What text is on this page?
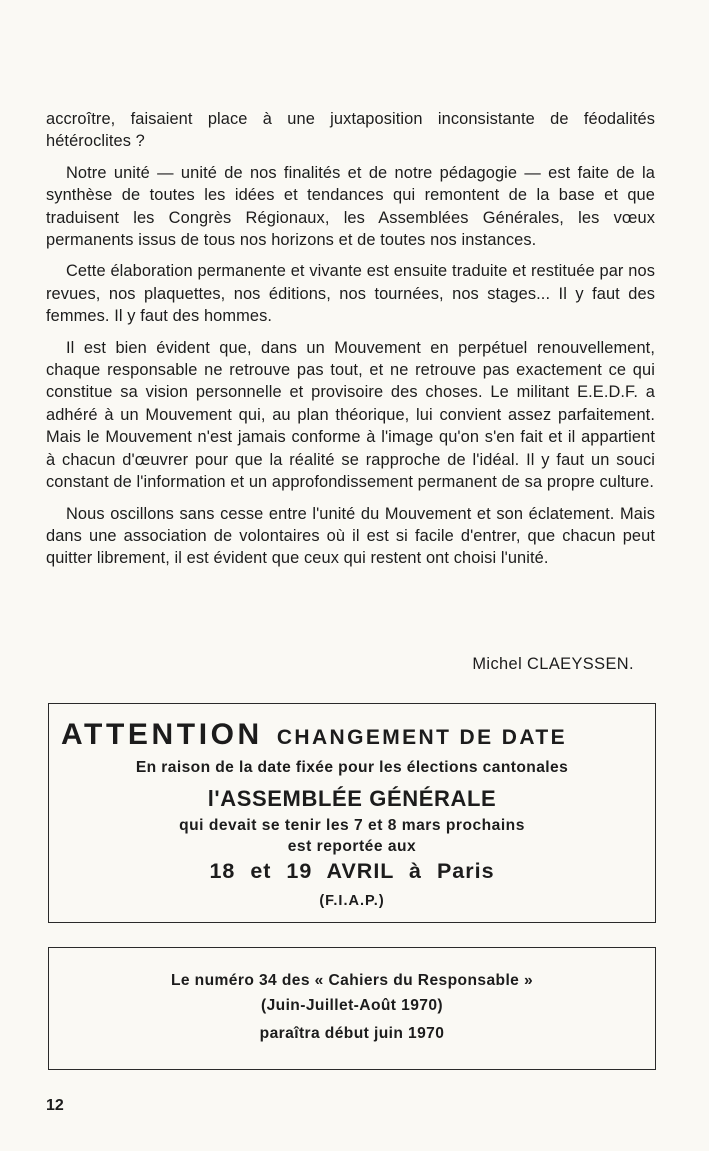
accroître, faisaient place à une juxtaposition inconsistante de féodalités hétéroclites ?

Notre unité — unité de nos finalités et de notre pédagogie — est faite de la synthèse de toutes les idées et tendances qui remontent de la base et que traduisent les Congrès Régionaux, les Assemblées Générales, les vœux permanents issus de tous nos horizons et de toutes nos instances.

Cette élaboration permanente et vivante est ensuite traduite et restituée par nos revues, nos plaquettes, nos éditions, nos tournées, nos stages... Il y faut des femmes. Il y faut des hommes.

Il est bien évident que, dans un Mouvement en perpétuel renouvellement, chaque responsable ne retrouve pas tout, et ne retrouve pas exactement ce qui constitue sa vision personnelle et provisoire des choses. Le militant E.E.D.F. a adhéré à un Mouvement qui, au plan théorique, lui convient assez parfaitement. Mais le Mouvement n'est jamais conforme à l'image qu'on s'en fait et il appartient à chacun d'œuvrer pour que la réalité se rapproche de l'idéal. Il y faut un souci constant de l'information et un approfondissement permanent de sa propre culture.

Nous oscillons sans cesse entre l'unité du Mouvement et son éclatement. Mais dans une association de volontaires où il est si facile d'entrer, que chacun peut quitter librement, il est évident que ceux qui restent ont choisi l'unité.

Michel CLAEYSSEN.
ATTENTION CHANGEMENT DE DATE
En raison de la date fixée pour les élections cantonales
l'ASSEMBLÉE GÉNÉRALE
qui devait se tenir les 7 et 8 mars prochains
est reportée aux
18 et 19 AVRIL à Paris
(F.I.A.P.)
Le numéro 34 des « Cahiers du Responsable »
(Juin-Juillet-Août 1970)
paraîtra début juin 1970
12
